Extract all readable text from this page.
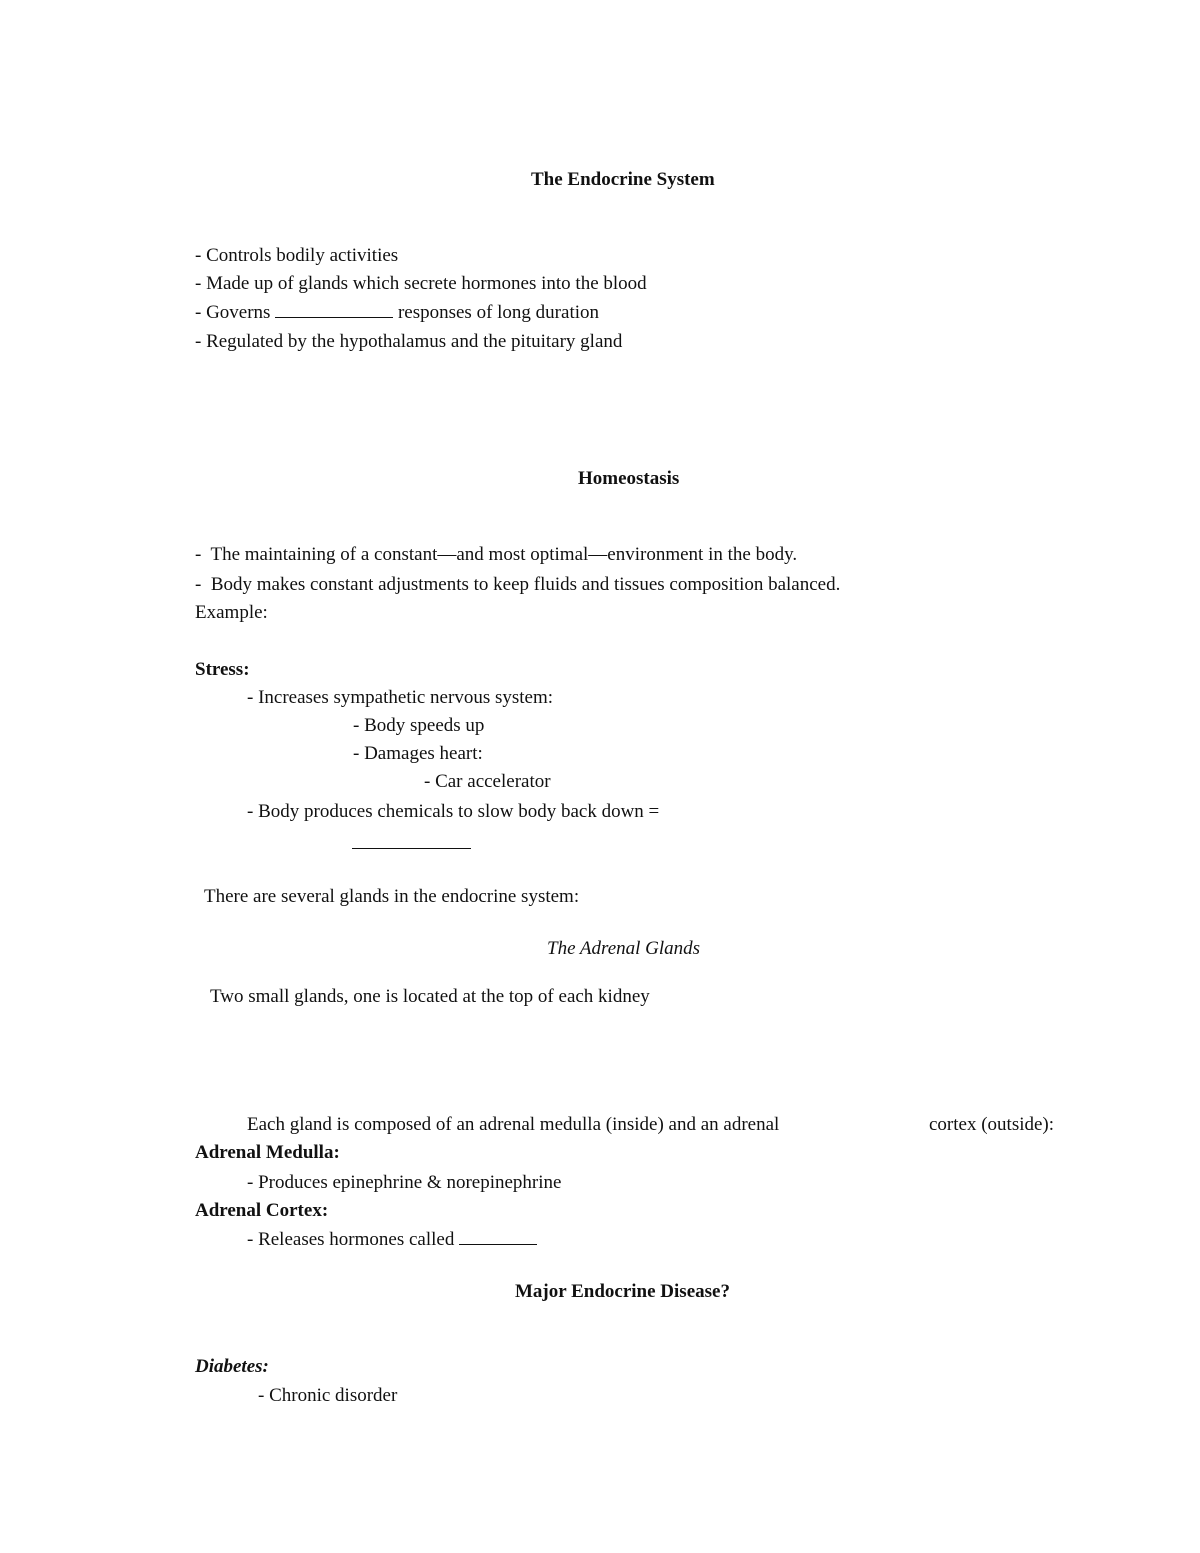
The Endocrine System
- Controls bodily activities
- Made up of glands which secrete hormones into the blood
- Governs	responses of long duration
- Regulated by the hypothalamus and the pituitary gland
Homeostasis
-  The maintaining of a constant—and most optimal—environment in the body.
-  Body makes constant adjustments to keep fluids and tissues composition balanced.
Example:
Stress:
- Increases sympathetic nervous system:
- Body speeds up
- Damages heart:
- Car accelerator
- Body produces chemicals to slow body back down =
There are several glands in the endocrine system:
The Adrenal Glands
Two small glands, one is located at the top of each kidney
Each gland is composed of an adrenal medulla (inside) and an adrenal	cortex (outside):
Adrenal Medulla:
- Produces epinephrine & norepinephrine
Adrenal Cortex:
- Releases hormones called
Major Endocrine Disease?
Diabetes:
- Chronic disorder
